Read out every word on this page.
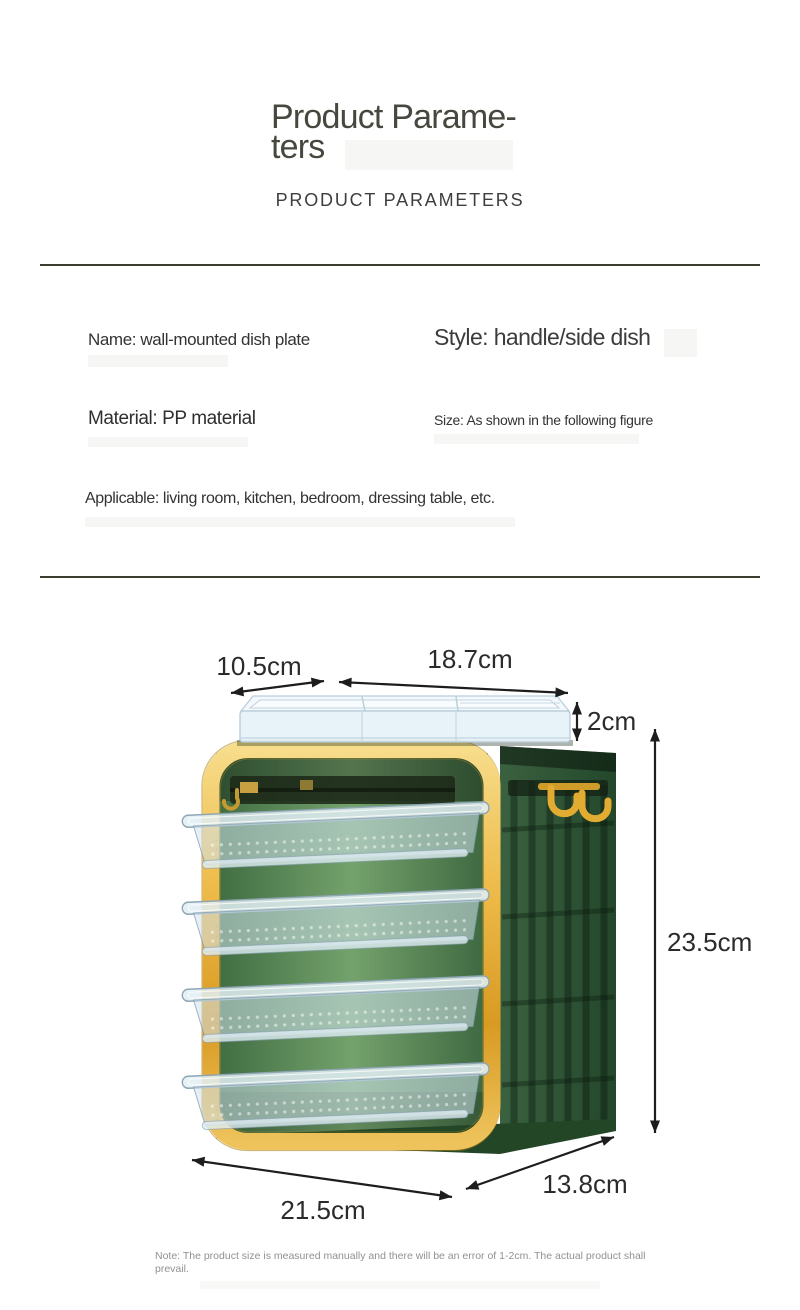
Product Parame-
ters
PRODUCT PARAMETERS
Name: wall-mounted dish plate	Style: handle/side dish
Material: PP material	Size: As shown in the following figure
Applicable: living room, kitchen, bedroom, dressing table, etc.
10.5cm	18.7cm
2cm
23.5cm
13.8cm
21.5cm
Note: The product size is measured manually and there will be an error of 1-2cm. The actual product shall prevail.
